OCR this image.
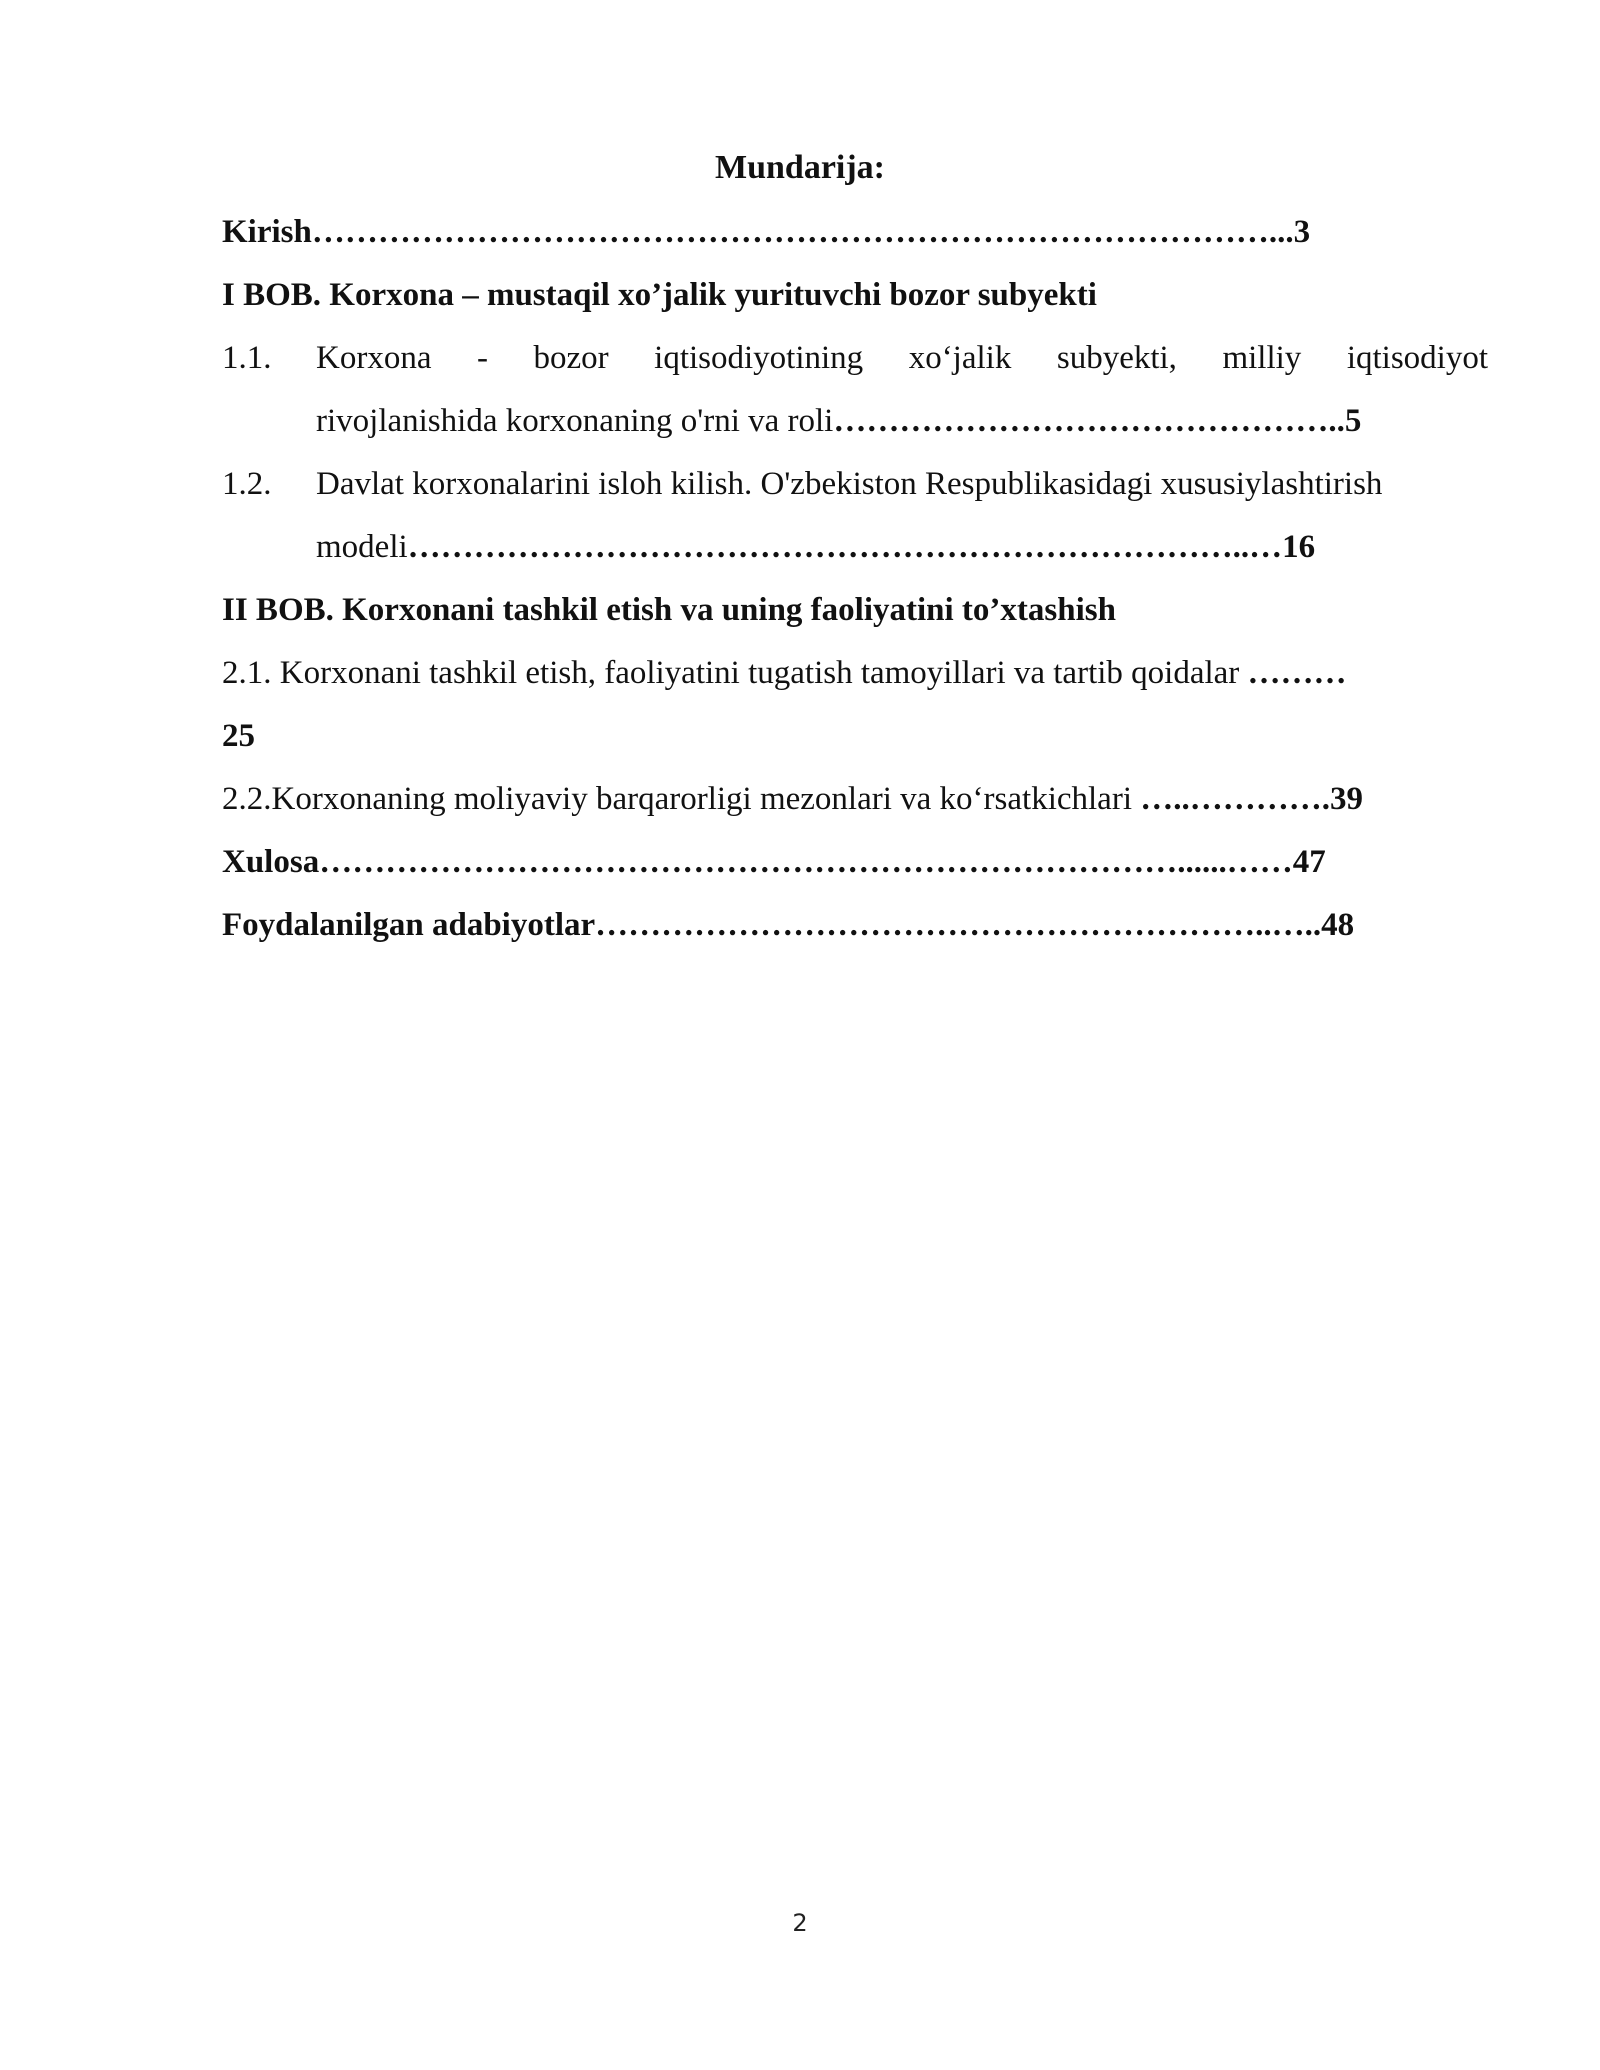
Mundarija:
Kirish……………………………………………………………………………...3
I BOB. Korxona – mustaqil xo’jalik yurituvchi bozor subyekti
1.1. Korxona - bozor iqtisodiyotining xo‘jalik subyekti, milliy iqtisodiyot
rivojlanishida korxonaning o'rni va roli………………………………………..5
1.2. Davlat korxonalarini isloh kilish. O'zbekiston Respublikasidagi xususiylashtirish
modeli…………………………………………………………………..…16
II BOB. Korxonani tashkil etish va uning faoliyatini to’xtashish
2.1. Korxonani tashkil etish, faoliyatini tugatish tamoyillari va tartib qoidalar ………
25
2.2.Korxonaning moliyaviy barqarorligi mezonlari va ko‘rsatkichlari …..………….39
Xulosa……………………………………………………………………......……47
Foydalanilgan adabiyotlar……………………………………………………..…..48
2
